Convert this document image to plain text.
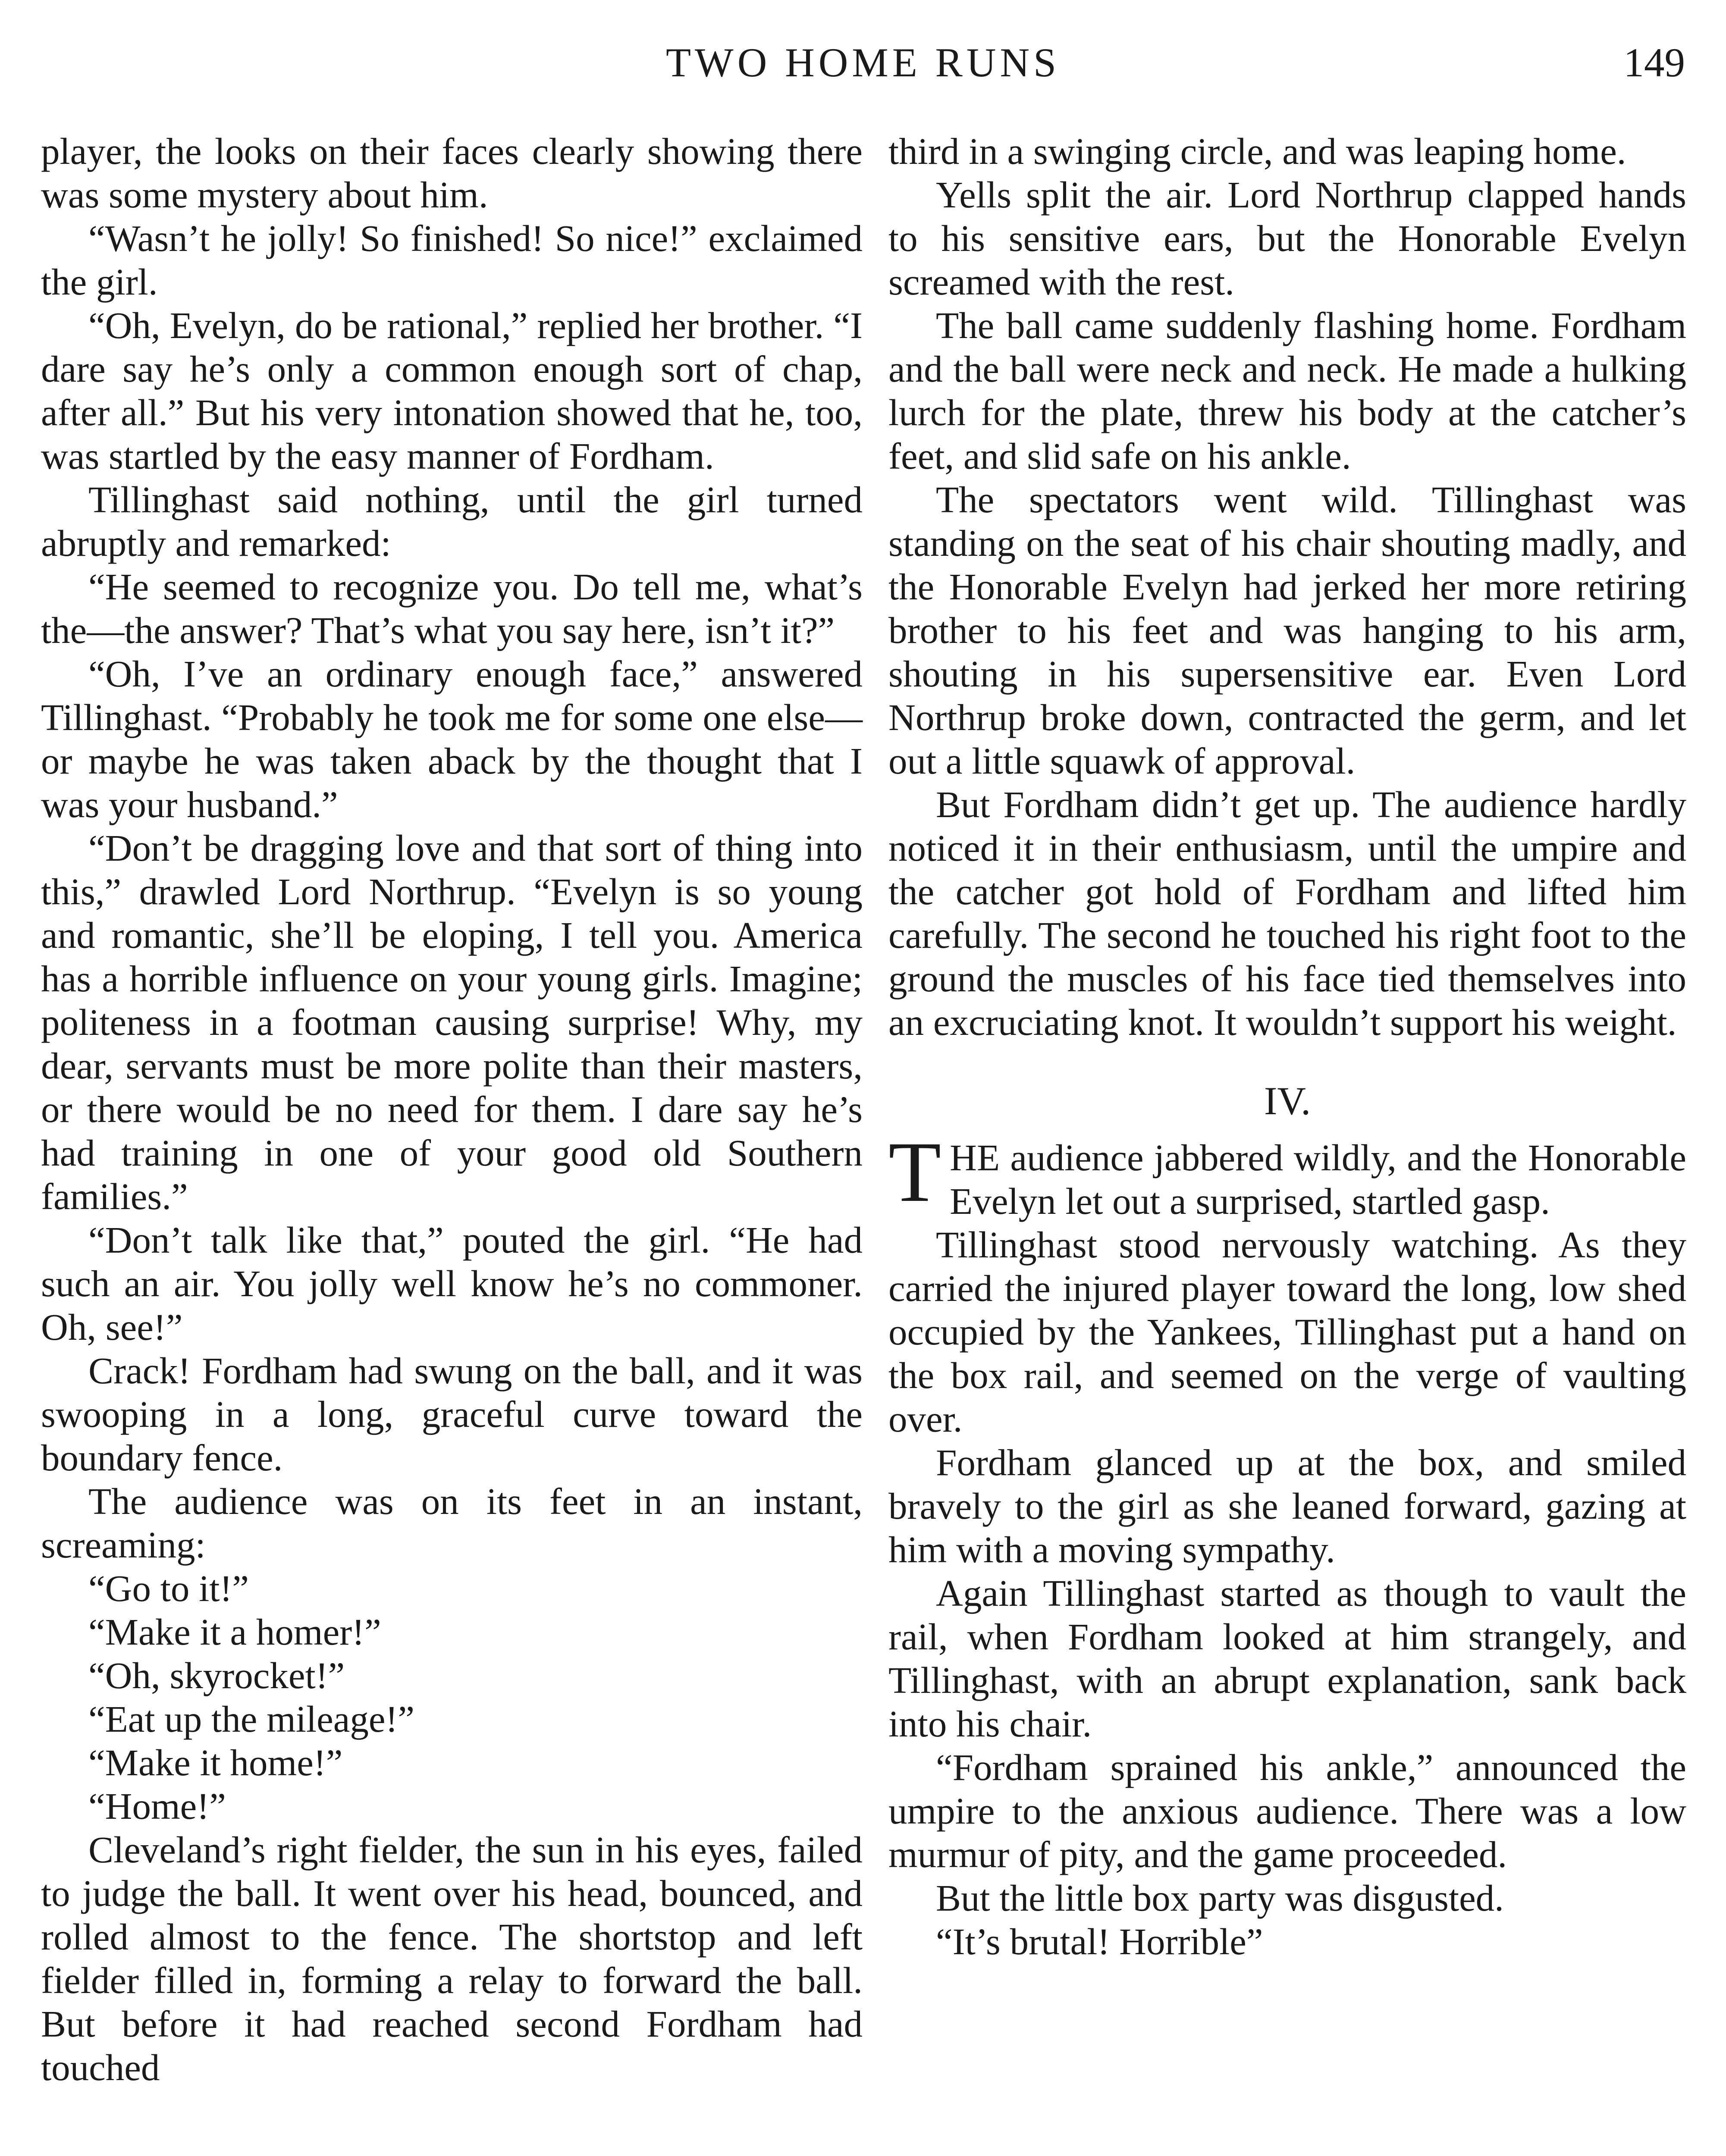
TWO HOME RUNS	149

player, the looks on their faces clearly showing there was some mystery about him.

“Wasn’t he jolly! So finished! So nice!” exclaimed the girl.

“Oh, Evelyn, do be rational,” replied her brother. “I dare say he’s only a common enough sort of chap, after all.” But his very intonation showed that he, too, was startled by the easy manner of Fordham.

Tillinghast said nothing, until the girl turned abruptly and remarked:

“He seemed to recognize you. Do tell me, what’s the—the answer? That’s what you say here, isn’t it?”

“Oh, I’ve an ordinary enough face,” answered Tillinghast. “Probably he took me for some one else—or maybe he was taken aback by the thought that I was your husband.”

“Don’t be dragging love and that sort of thing into this,” drawled Lord Northrup. “Evelyn is so young and romantic, she’ll be eloping, I tell you. America has a horrible influence on your young girls. Imagine; politeness in a footman causing surprise! Why, my dear, servants must be more polite than their masters, or there would be no need for them. I dare say he’s had training in one of your good old Southern families.”

“Don’t talk like that,” pouted the girl. “He had such an air. You jolly well know he’s no commoner. Oh, see!”

Crack! Fordham had swung on the ball, and it was swooping in a long, graceful curve toward the boundary fence.

The audience was on its feet in an instant, screaming:

“Go to it!”

“Make it a homer!”

“Oh, skyrocket!”

“Eat up the mileage!”

“Make it home!”

“Home!”

Cleveland’s right fielder, the sun in his eyes, failed to judge the ball. It went over his head, bounced, and rolled almost to the fence. The shortstop and left fielder filled in, forming a relay to forward the ball. But before it had reached second Fordham had touched

third in a swinging circle, and was leaping home.

Yells split the air. Lord Northrup clapped hands to his sensitive ears, but the Honorable Evelyn screamed with the rest.

The ball came suddenly flashing home. Fordham and the ball were neck and neck. He made a hulking lurch for the plate, threw his body at the catcher’s feet, and slid safe on his ankle.

The spectators went wild. Tillinghast was standing on the seat of his chair shouting madly, and the Honorable Evelyn had jerked her more retiring brother to his feet and was hanging to his arm, shouting in his supersensitive ear. Even Lord Northrup broke down, contracted the germ, and let out a little squawk of approval.

But Fordham didn’t get up. The audience hardly noticed it in their enthusiasm, until the umpire and the catcher got hold of Fordham and lifted him carefully. The second he touched his right foot to the ground the muscles of his face tied themselves into an excruciating knot. It wouldn’t support his weight.

IV.

THE audience jabbered wildly, and the Honorable Evelyn let out a surprised, startled gasp.

Tillinghast stood nervously watching. As they carried the injured player toward the long, low shed occupied by the Yankees, Tillinghast put a hand on the box rail, and seemed on the verge of vaulting over.

Fordham glanced up at the box, and smiled bravely to the girl as she leaned forward, gazing at him with a moving sympathy.

Again Tillinghast started as though to vault the rail, when Fordham looked at him strangely, and Tillinghast, with an abrupt explanation, sank back into his chair.

“Fordham sprained his ankle,” announced the umpire to the anxious audience. There was a low murmur of pity, and the game proceeded.

But the little box party was disgusted.

“It’s brutal! Horrible”
